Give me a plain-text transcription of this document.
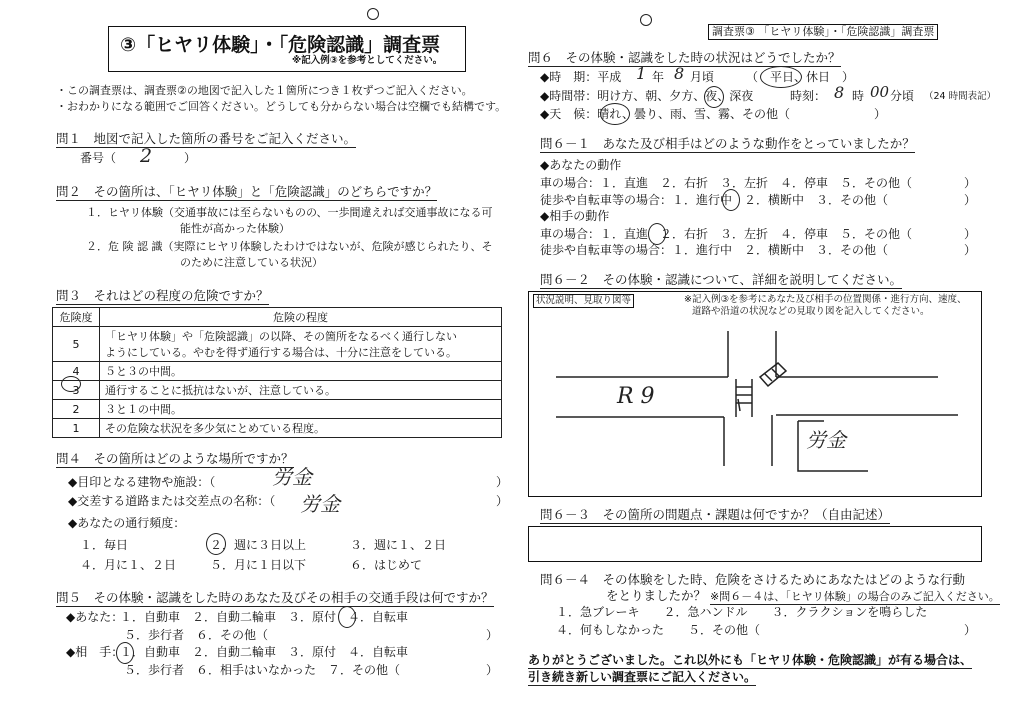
③「ヒヤリ体験」・「危険認識」調査票
※記入例③を参考としてください。
・この調査票は、調査票②の地図で記入した１箇所につき１枚ずつご記入ください。
・おわかりになる範囲でご回答ください。どうしても分からない場合は空欄でも結構です。
問１　地図で記入した箇所の番号をご記入ください。
番号（ 2	）
問２　その箇所は、「ヒヤリ体験」と「危険認識」のどちらですか？
１．ヒヤリ体験（交通事故には至らないものの、一歩間違えれば交通事故になる可
能性が高かった体験）
２．危 険 認 識（実際にヒヤリ体験したわけではないが、危険が感じられたり、そ
のために注意している状況）
問３　それはどの程度の危険ですか？
危険度	危険の程度
5	「ヒヤリ体験」や「危険認識」の以降、その箇所をなるべく通行しない
ようにしている。やむを得ず通行する場合は、十分に注意をしている。

4	５と３の中間。
3	通行することに抵抗はないが、注意している。
2	３と１の中間。
1	その危険な状況を多少気にとめている程度。
問４　その箇所はどのような場所ですか？
◆目印となる建物や施設：（	労金	）
◆交差する道路または交差点の名称：（ 労金	）
◆あなたの通行頻度：
１．毎日	２．週に３日以上	３．週に１、２日
４．月に１、２日	５．月に１日以下	６．はじめて
問５　その体験・認識をした時のあなた及びその相手の交通手段は何ですか？
◆あなた：
１．自動車　２．自動二輪車　３．原付　４．自転車
５．歩行者　６．その他（	）
◆相　手：
１．自動車　２．自動二輪車　３．原付　４．自転車
５．歩行者　６．相手はいなかった　７．その他（	）
調査票③ 「ヒヤリ体験」・「危険認識」調査票
問６　その体験・認識をした時の状況はどうでしたか？
◆時　期：平成 1 年 8 月頃	（　平日、休日　）
◆時間帯：明け方、朝、夕方、夜、深夜	時刻： 8 時 00 分頃 （24 時間表記）
◆天　候：晴れ、曇り、雨、雪、霧、その他（　　　　　　　）
問６－１　あなた及び相手はどのような動作をとっていましたか？
◆あなたの動作
車の場合：１．直進　２．右折　３．左折　４．停車　５．その他（	）
徒歩や自転車等の場合：１．進行中　２．横断中　３．その他（	）
◆相手の動作
車の場合：１．直進　２．右折　３．左折　４．停車　５．その他（	）
徒歩や自転車等の場合：１．進行中　２．横断中　３．その他（	）
問６－２　その体験・認識について、詳細を説明してください。
状況説明、見取り図等	※記入例③を参考にあなた及び相手の位置関係・進行方向、速度、
道路や沿道の状況などの見取り図を記入してください。
R 9
労金
問６－３　その箇所の問題点・課題は何ですか？（自由記述）
問６－４　その体験をした時、危険をさけるためにあなたはどのような行動
をとりましたか？ ※問６－４は、「ヒヤリ体験」の場合のみご記入ください。
１．急ブレーキ　　２．急ハンドル　　３．クラクションを鳴らした
４．何もしなかった　　５．その他（	）
ありがとうございました。これ以外にも「ヒヤリ体験・危険認識」が有る場合は、
引き続き新しい調査票にご記入ください。
